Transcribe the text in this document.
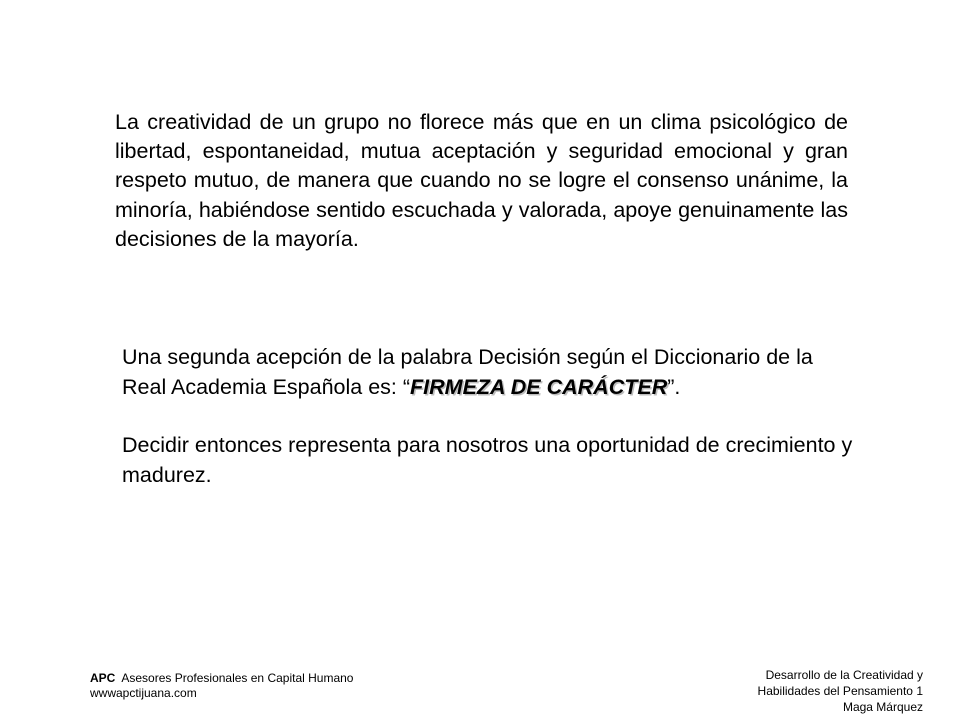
La creatividad de un grupo no florece más que en un clima psicológico de libertad, espontaneidad, mutua aceptación y seguridad emocional y gran respeto mutuo, de manera que cuando no se logre el consenso unánime, la minoría, habiéndose sentido escuchada y valorada, apoye genuinamente las decisiones de la mayoría.

Una segunda acepción de la palabra Decisión según el Diccionario de la Real Academia Española es: “FIRMEZA DE CARÁCTER”.

Decidir entonces representa para nosotros una oportunidad de crecimiento y madurez.

APC Asesores Profesionales en Capital Humano
wwwapctijuana.com
Desarrollo de la Creatividad y
Habilidades del Pensamiento 1
Maga Márquez
